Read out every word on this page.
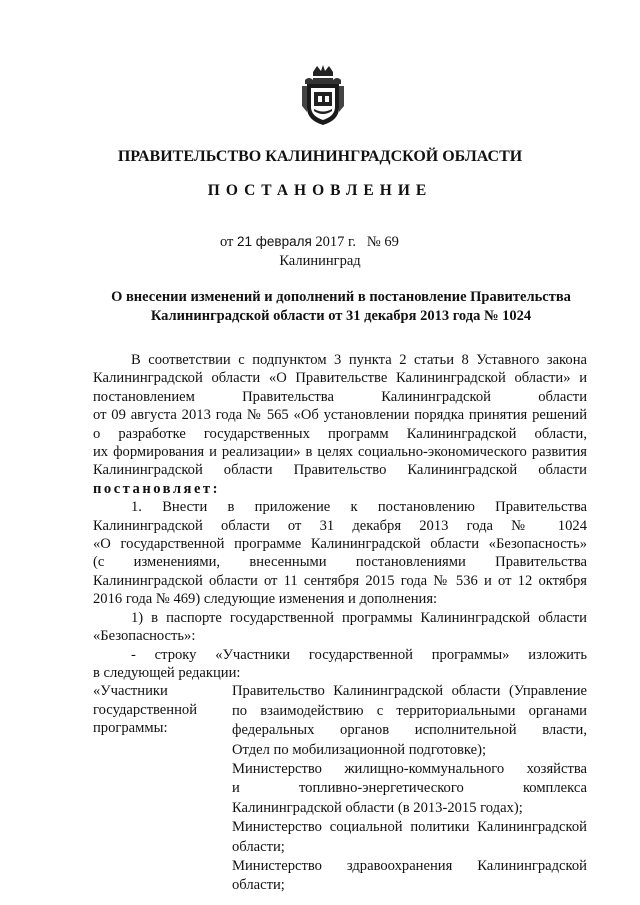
ПРАВИТЕЛЬСТВО КАЛИНИНГРАДСКОЙ ОБЛАСТИ
ПОСТАНОВЛЕНИЕ
от 21 февраля 2017 г. № 69
Калининград
О внесении изменений и дополнений в постановление Правительства Калининградской области от 31 декабря 2013 года № 1024

В соответствии с подпунктом 3 пункта 2 статьи 8 Уставного закона

Калининградской области «О Правительстве Калининградской области» и

постановлением Правительства Калининградской области

от 09 августа 2013 года № 565 «Об установлении порядка принятия решений

о разработке государственных программ Калининградской области,

их формирования и реализации» в целях социально-экономического развития

Калининградской области Правительство Калининградской области

постановляет:

1. Внести в приложение к постановлению Правительства

Калининградской области от 31 декабря 2013 года № 1024

«О государственной программе Калининградской области «Безопасность»

(с изменениями, внесенными постановлениями Правительства

Калининградской области от 11 сентября 2015 года № 536 и от 12 октября

2016 года № 469) следующие изменения и дополнения:

1) в паспорте государственной программы Калининградской области

«Безопасность»:

- строку «Участники государственной программы» изложить

в следующей редакции:

«Участники
государственной
программы:

Правительство Калининградской области (Управление

по взаимодействию с территориальными органами

федеральных органов исполнительной власти,

Отдел по мобилизационной подготовке);

Министерство жилищно-коммунального хозяйства

и топливно-энергетического комплекса

Калининградской области (в 2013-2015 годах);

Министерство социальной политики Калининградской

области;

Министерство здравоохранения Калининградской

области;
